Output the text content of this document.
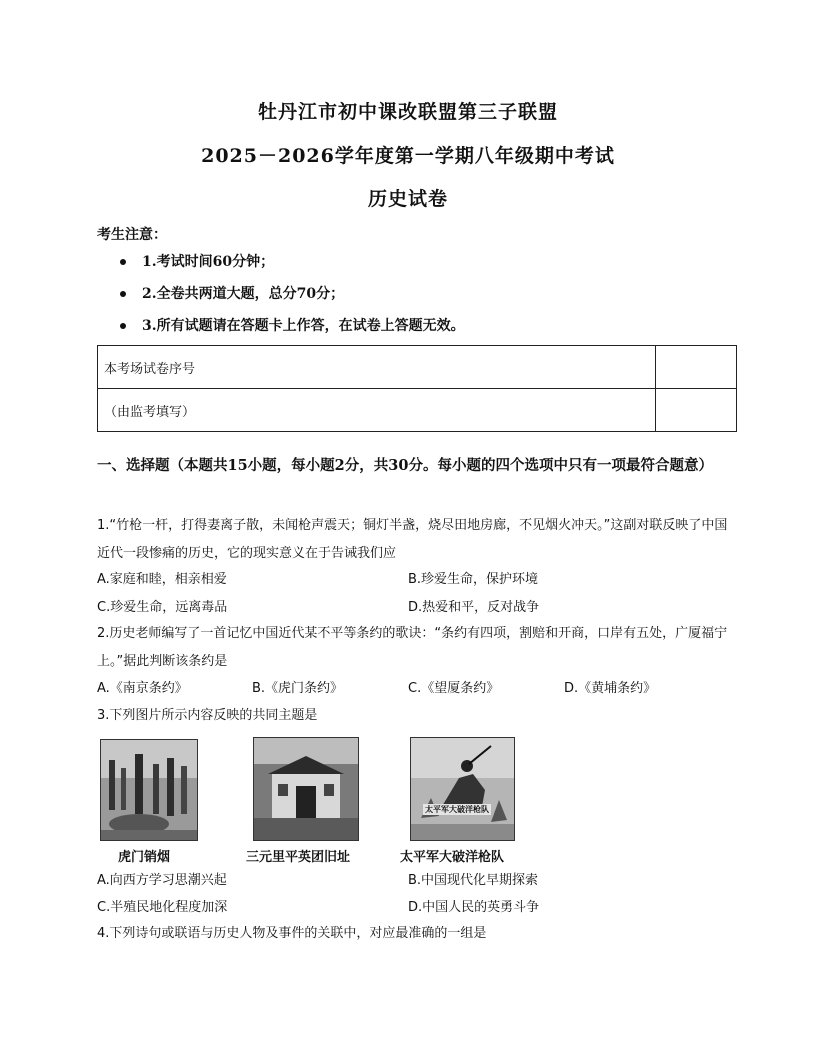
牡丹江市初中课改联盟第三子联盟
2025－2026学年度第一学期八年级期中考试
历史试卷
考生注意：
1.考试时间60分钟；
2.全卷共两道大题，总分70分；
3.所有试题请在答题卡上作答，在试卷上答题无效。
本考场试卷序号	
（由监考填写）	
一、选择题（本题共15小题，每小题2分，共30分。每小题的四个选项中只有一项最符合题意）
1.“竹枪一杆，打得妻离子散，未闻枪声震天；铜灯半盏，烧尽田地房廊，不见烟火冲天。”这副对联反映了中国近代一段惨痛的历史，它的现实意义在于告诫我们应
A.家庭和睦，相亲相爱	B.珍爱生命，保护环境
C.珍爱生命，远离毒品	D.热爱和平，反对战争
2.历史老师编写了一首记忆中国近代某不平等条约的歌诀：“条约有四项，割赔和开商，口岸有五处，广厦福宁上。”据此判断该条约是
A.《南京条约》	B.《虎门条约》	C.《望厦条约》	D.《黄埔条约》
3.下列图片所示内容反映的共同主题是
太平军大破洋枪队
虎门销烟	三元里平英团旧址	太平军大破洋枪队
A.向西方学习思潮兴起	B.中国现代化早期探索
C.半殖民地化程度加深	D.中国人民的英勇斗争
4.下列诗句或联语与历史人物及事件的关联中，对应最准确的一组是
